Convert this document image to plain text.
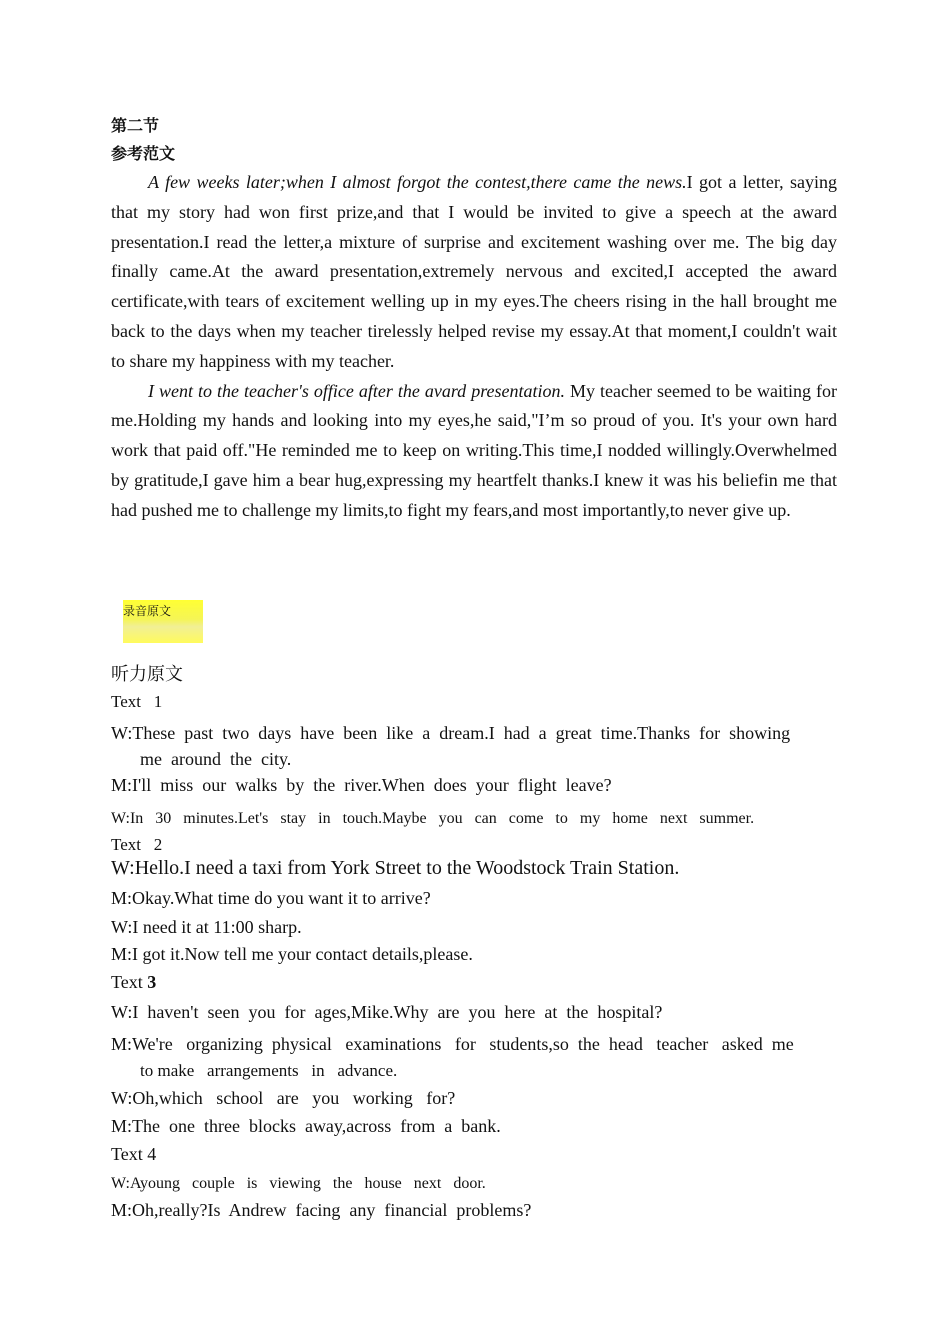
第二节
参考范文

A few weeks later;when I almost forgot the contest,there came the news.I got a letter, saying that my story had won first prize,and that I would be invited to give a speech at the award presentation.I read the letter,a mixture of surprise and excitement washing over me. The big day finally came.At the award presentation,extremely nervous and excited,I accepted the award certificate,with tears of excitement welling up in my eyes.The cheers rising in the hall brought me back to the days when my teacher tirelessly helped revise my essay.At that moment,I couldn't wait to share my happiness with my teacher.

I went to the teacher's office after the avard presentation. My teacher seemed to be waiting for me.Holding my hands and looking into my eyes,he said,"I’m so proud of you. It's your own hard work that paid off."He reminded me to keep on writing.This time,I nodded willingly.Overwhelmed by gratitude,I gave him a bear hug,expressing my heartfelt thanks.I knew it was his beliefin me that had pushed me to challenge my limits,to fight my fears,and most importantly,to never give up.

录音原文
听力原文
Text   1
W:These  past  two  days  have  been  like  a  dream.I  had  a  great  time.Thanks  for  showing
me  around  the  city.
M:I'll  miss  our  walks  by  the  river.When  does  your  flight  leave?
W:In   30   minutes.Let's   stay   in   touch.Maybe   you   can   come   to   my   home   next   summer.
Text   2
W:Hello.I need a taxi from York Street to the Woodstock Train Station.
M:Okay.What time do you want it to arrive?
W:I need it at 11:00 sharp.
M:I got it.Now tell me your contact details,please.
Text 3
W:I  haven't  seen  you  for  ages,Mike.Why  are  you  here  at  the  hospital?
M:We're   organizing  physical   examinations   for   students,so  the  head   teacher   asked  me
to make   arrangements   in   advance.
W:Oh,which   school   are   you   working   for?
M:The  one  three  blocks  away,across  from  a  bank.
Text 4
W:Ayoung   couple   is   viewing   the   house   next   door.
M:Oh,really?Is  Andrew  facing  any  financial  problems?
